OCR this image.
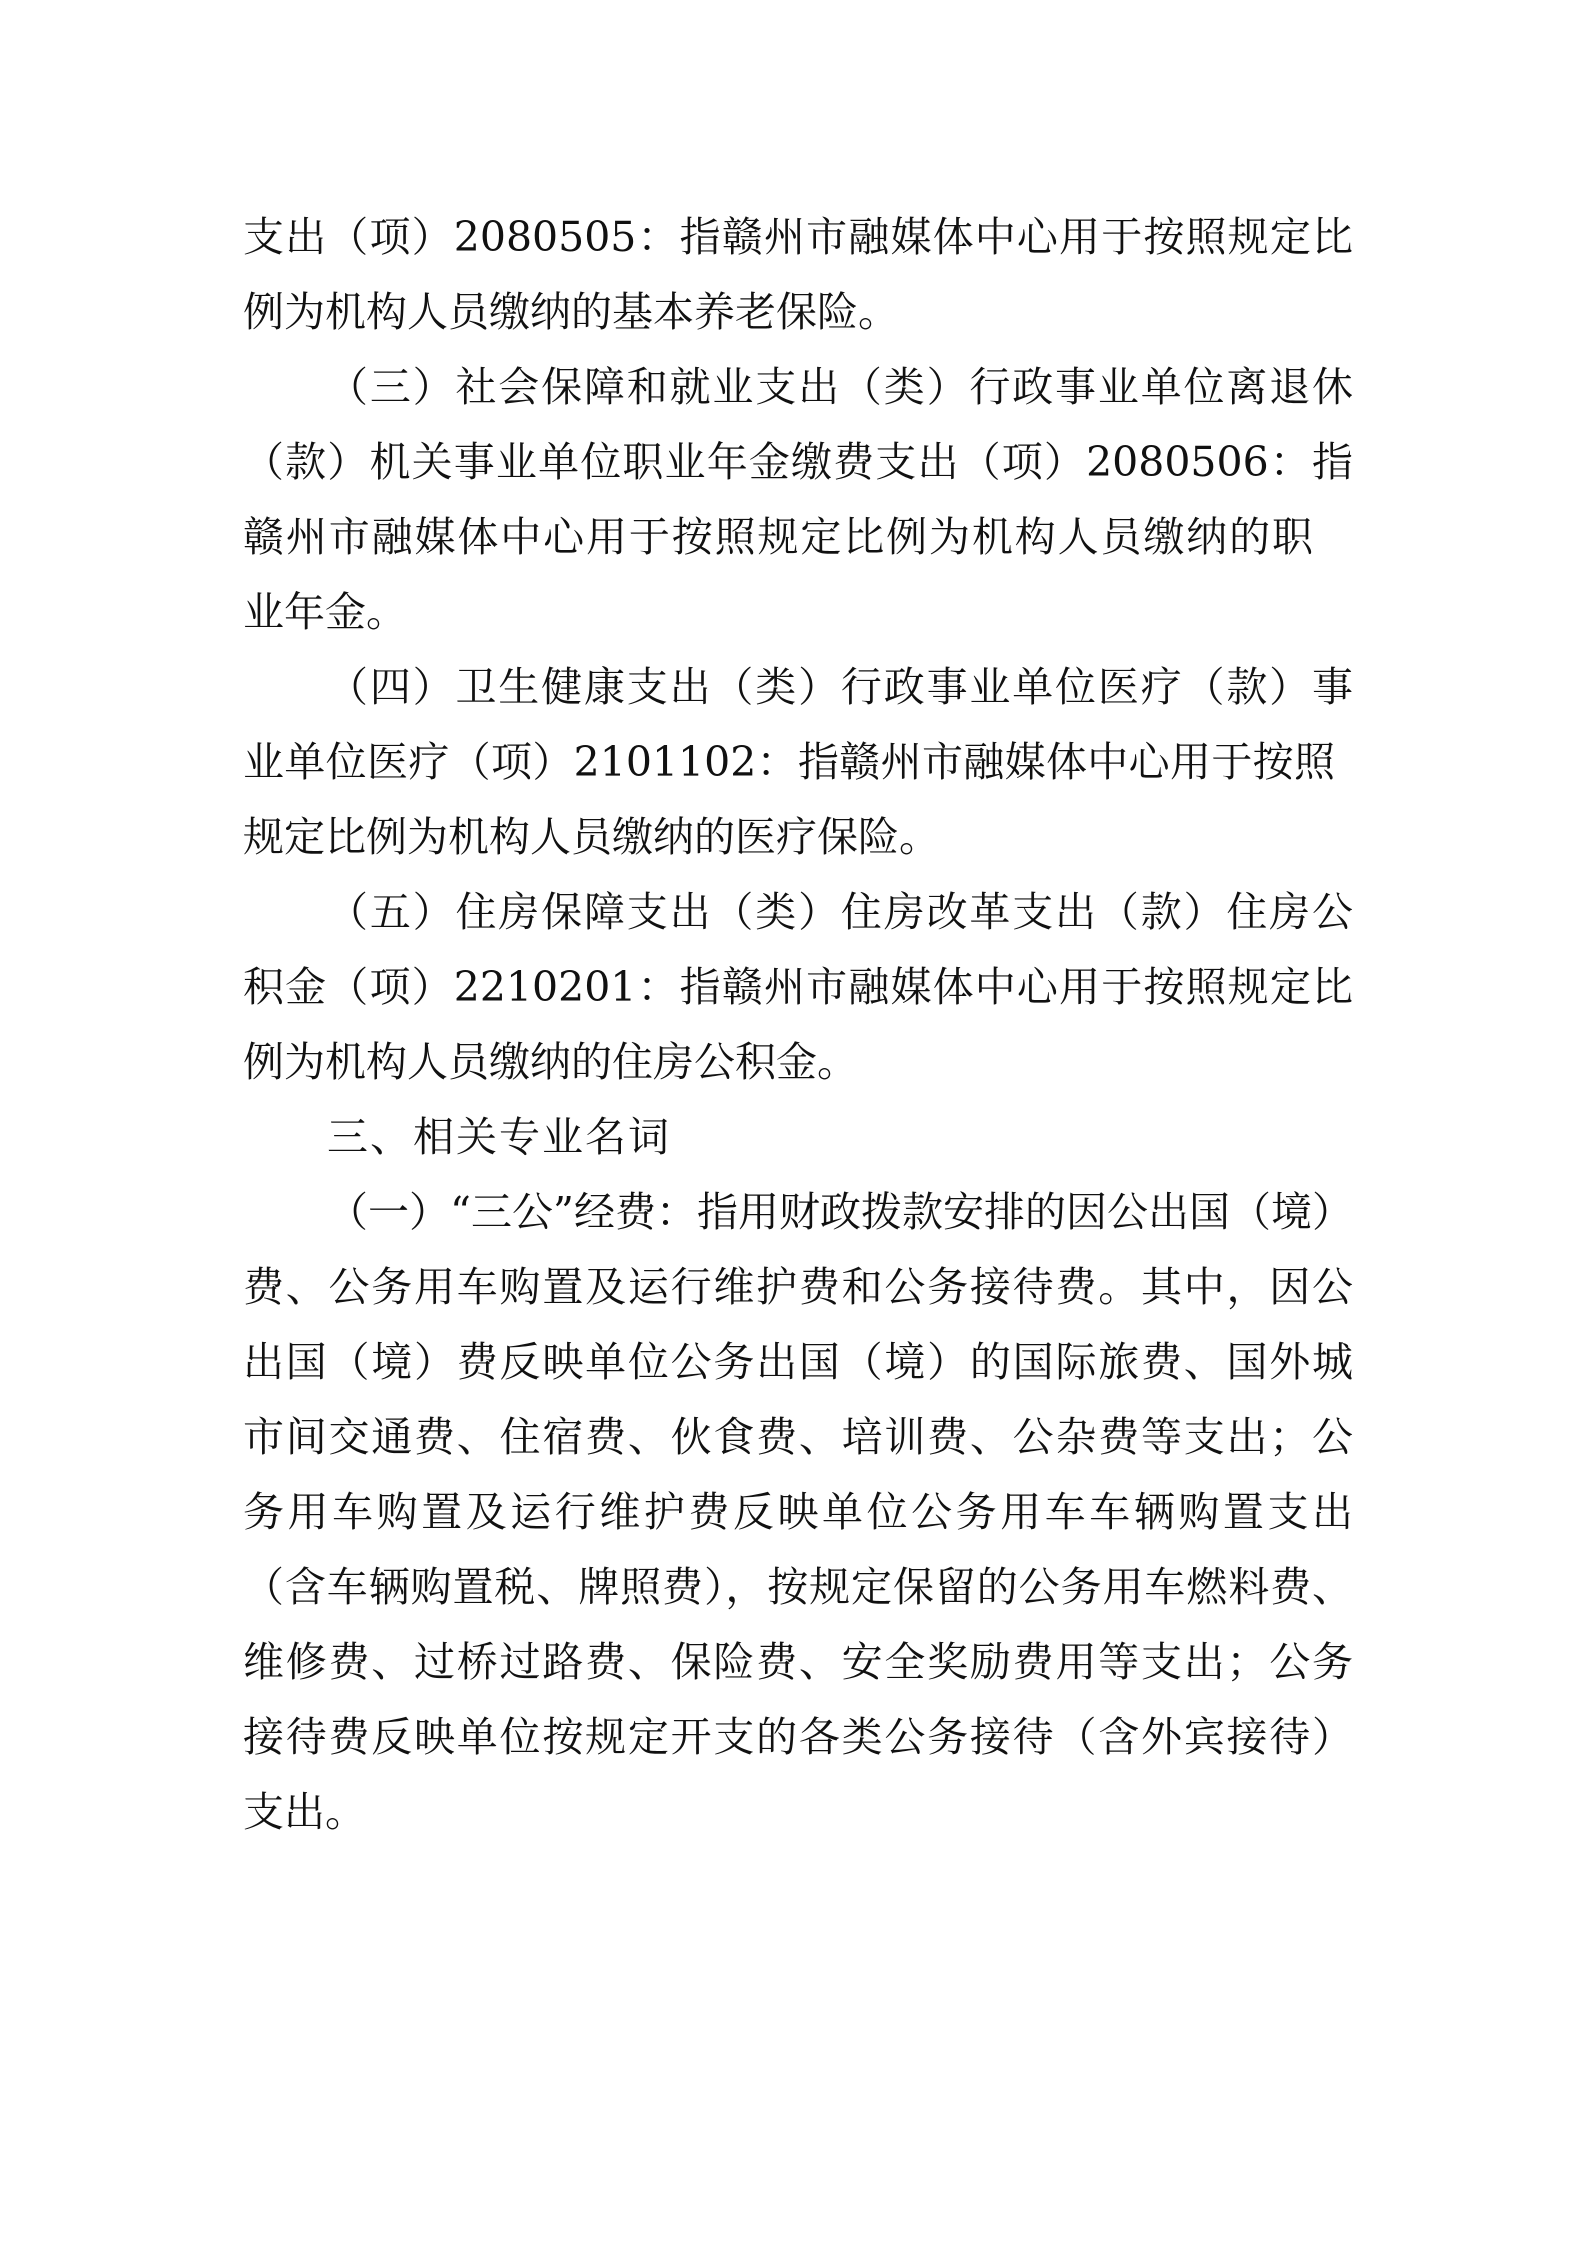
支出（项）2080505：指赣州市融媒体中心用于按照规定比
例为机构人员缴纳的基本养老保险。
（三）社会保障和就业支出（类）行政事业单位离退休
（款）机关事业单位职业年金缴费支出（项）2080506：指
赣州市融媒体中心用于按照规定比例为机构人员缴纳的职
业年金。
（四）卫生健康支出（类）行政事业单位医疗（款）事
业单位医疗（项）2101102：指赣州市融媒体中心用于按照
规定比例为机构人员缴纳的医疗保险。
（五）住房保障支出（类）住房改革支出（款）住房公
积金（项）2210201：指赣州市融媒体中心用于按照规定比
例为机构人员缴纳的住房公积金。
三、相关专业名词
（一）“三公”经费：指用财政拨款安排的因公出国（境）
费、公务用车购置及运行维护费和公务接待费。其中，因公
出国（境）费反映单位公务出国（境）的国际旅费、国外城
市间交通费、住宿费、伙食费、培训费、公杂费等支出；公
务用车购置及运行维护费反映单位公务用车车辆购置支出
（含车辆购置税、牌照费），按规定保留的公务用车燃料费、
维修费、过桥过路费、保险费、安全奖励费用等支出；公务
接待费反映单位按规定开支的各类公务接待（含外宾接待）
支出。
